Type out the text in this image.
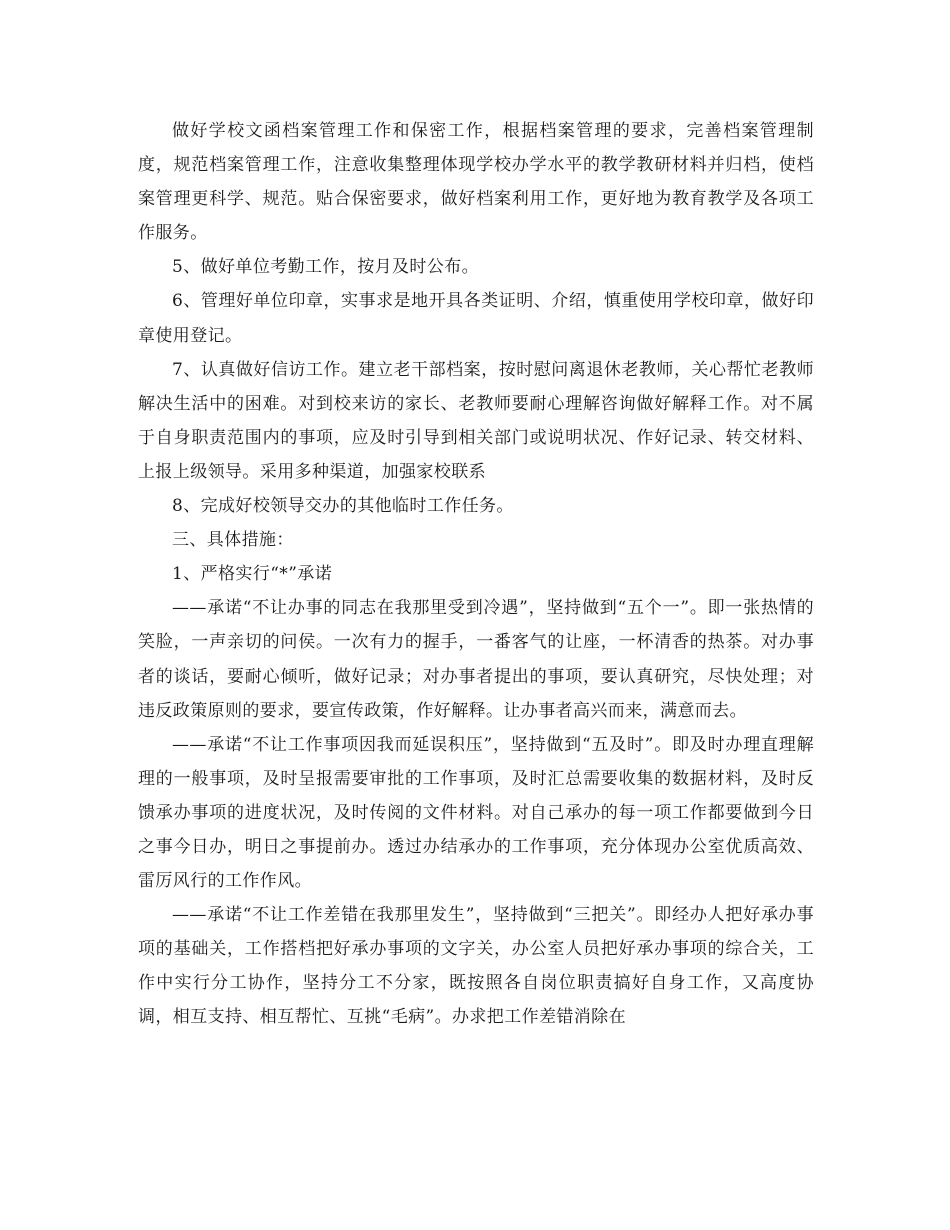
做好学校文函档案管理工作和保密工作，根据档案管理的要求，完善档案管理制度，规范档案管理工作，注意收集整理体现学校办学水平的教学教研材料并归档，使档案管理更科学、规范。贴合保密要求，做好档案利用工作，更好地为教育教学及各项工作服务。

5、做好单位考勤工作，按月及时公布。

6、管理好单位印章，实事求是地开具各类证明、介绍，慎重使用学校印章，做好印章使用登记。

7、认真做好信访工作。建立老干部档案，按时慰问离退休老教师，关心帮忙老教师解决生活中的困难。对到校来访的家长、老教师要耐心理解咨询做好解释工作。对不属于自身职责范围内的事项，应及时引导到相关部门或说明状况、作好记录、转交材料、上报上级领导。采用多种渠道，加强家校联系

8、完成好校领导交办的其他临时工作任务。

三、具体措施：

1、严格实行“*”承诺

——承诺“不让办事的同志在我那里受到冷遇”，坚持做到“五个一”。即一张热情的笑脸，一声亲切的问侯。一次有力的握手，一番客气的让座，一杯清香的热茶。对办事者的谈话，要耐心倾听，做好记录；对办事者提出的事项，要认真研究，尽快处理；对违反政策原则的要求，要宣传政策，作好解释。让办事者高兴而来，满意而去。

——承诺“不让工作事项因我而延误积压”，坚持做到“五及时”。即及时办理直理解理的一般事项，及时呈报需要审批的工作事项，及时汇总需要收集的数据材料，及时反馈承办事项的进度状况，及时传阅的文件材料。对自己承办的每一项工作都要做到今日之事今日办，明日之事提前办。透过办结承办的工作事项，充分体现办公室优质高效、雷厉风行的工作作风。

——承诺“不让工作差错在我那里发生”，坚持做到“三把关”。即经办人把好承办事项的基础关，工作搭档把好承办事项的文字关，办公室人员把好承办事项的综合关，工作中实行分工协作，坚持分工不分家，既按照各自岗位职责搞好自身工作，又高度协调，相互支持、相互帮忙、互挑“毛病”。办求把工作差错消除在
